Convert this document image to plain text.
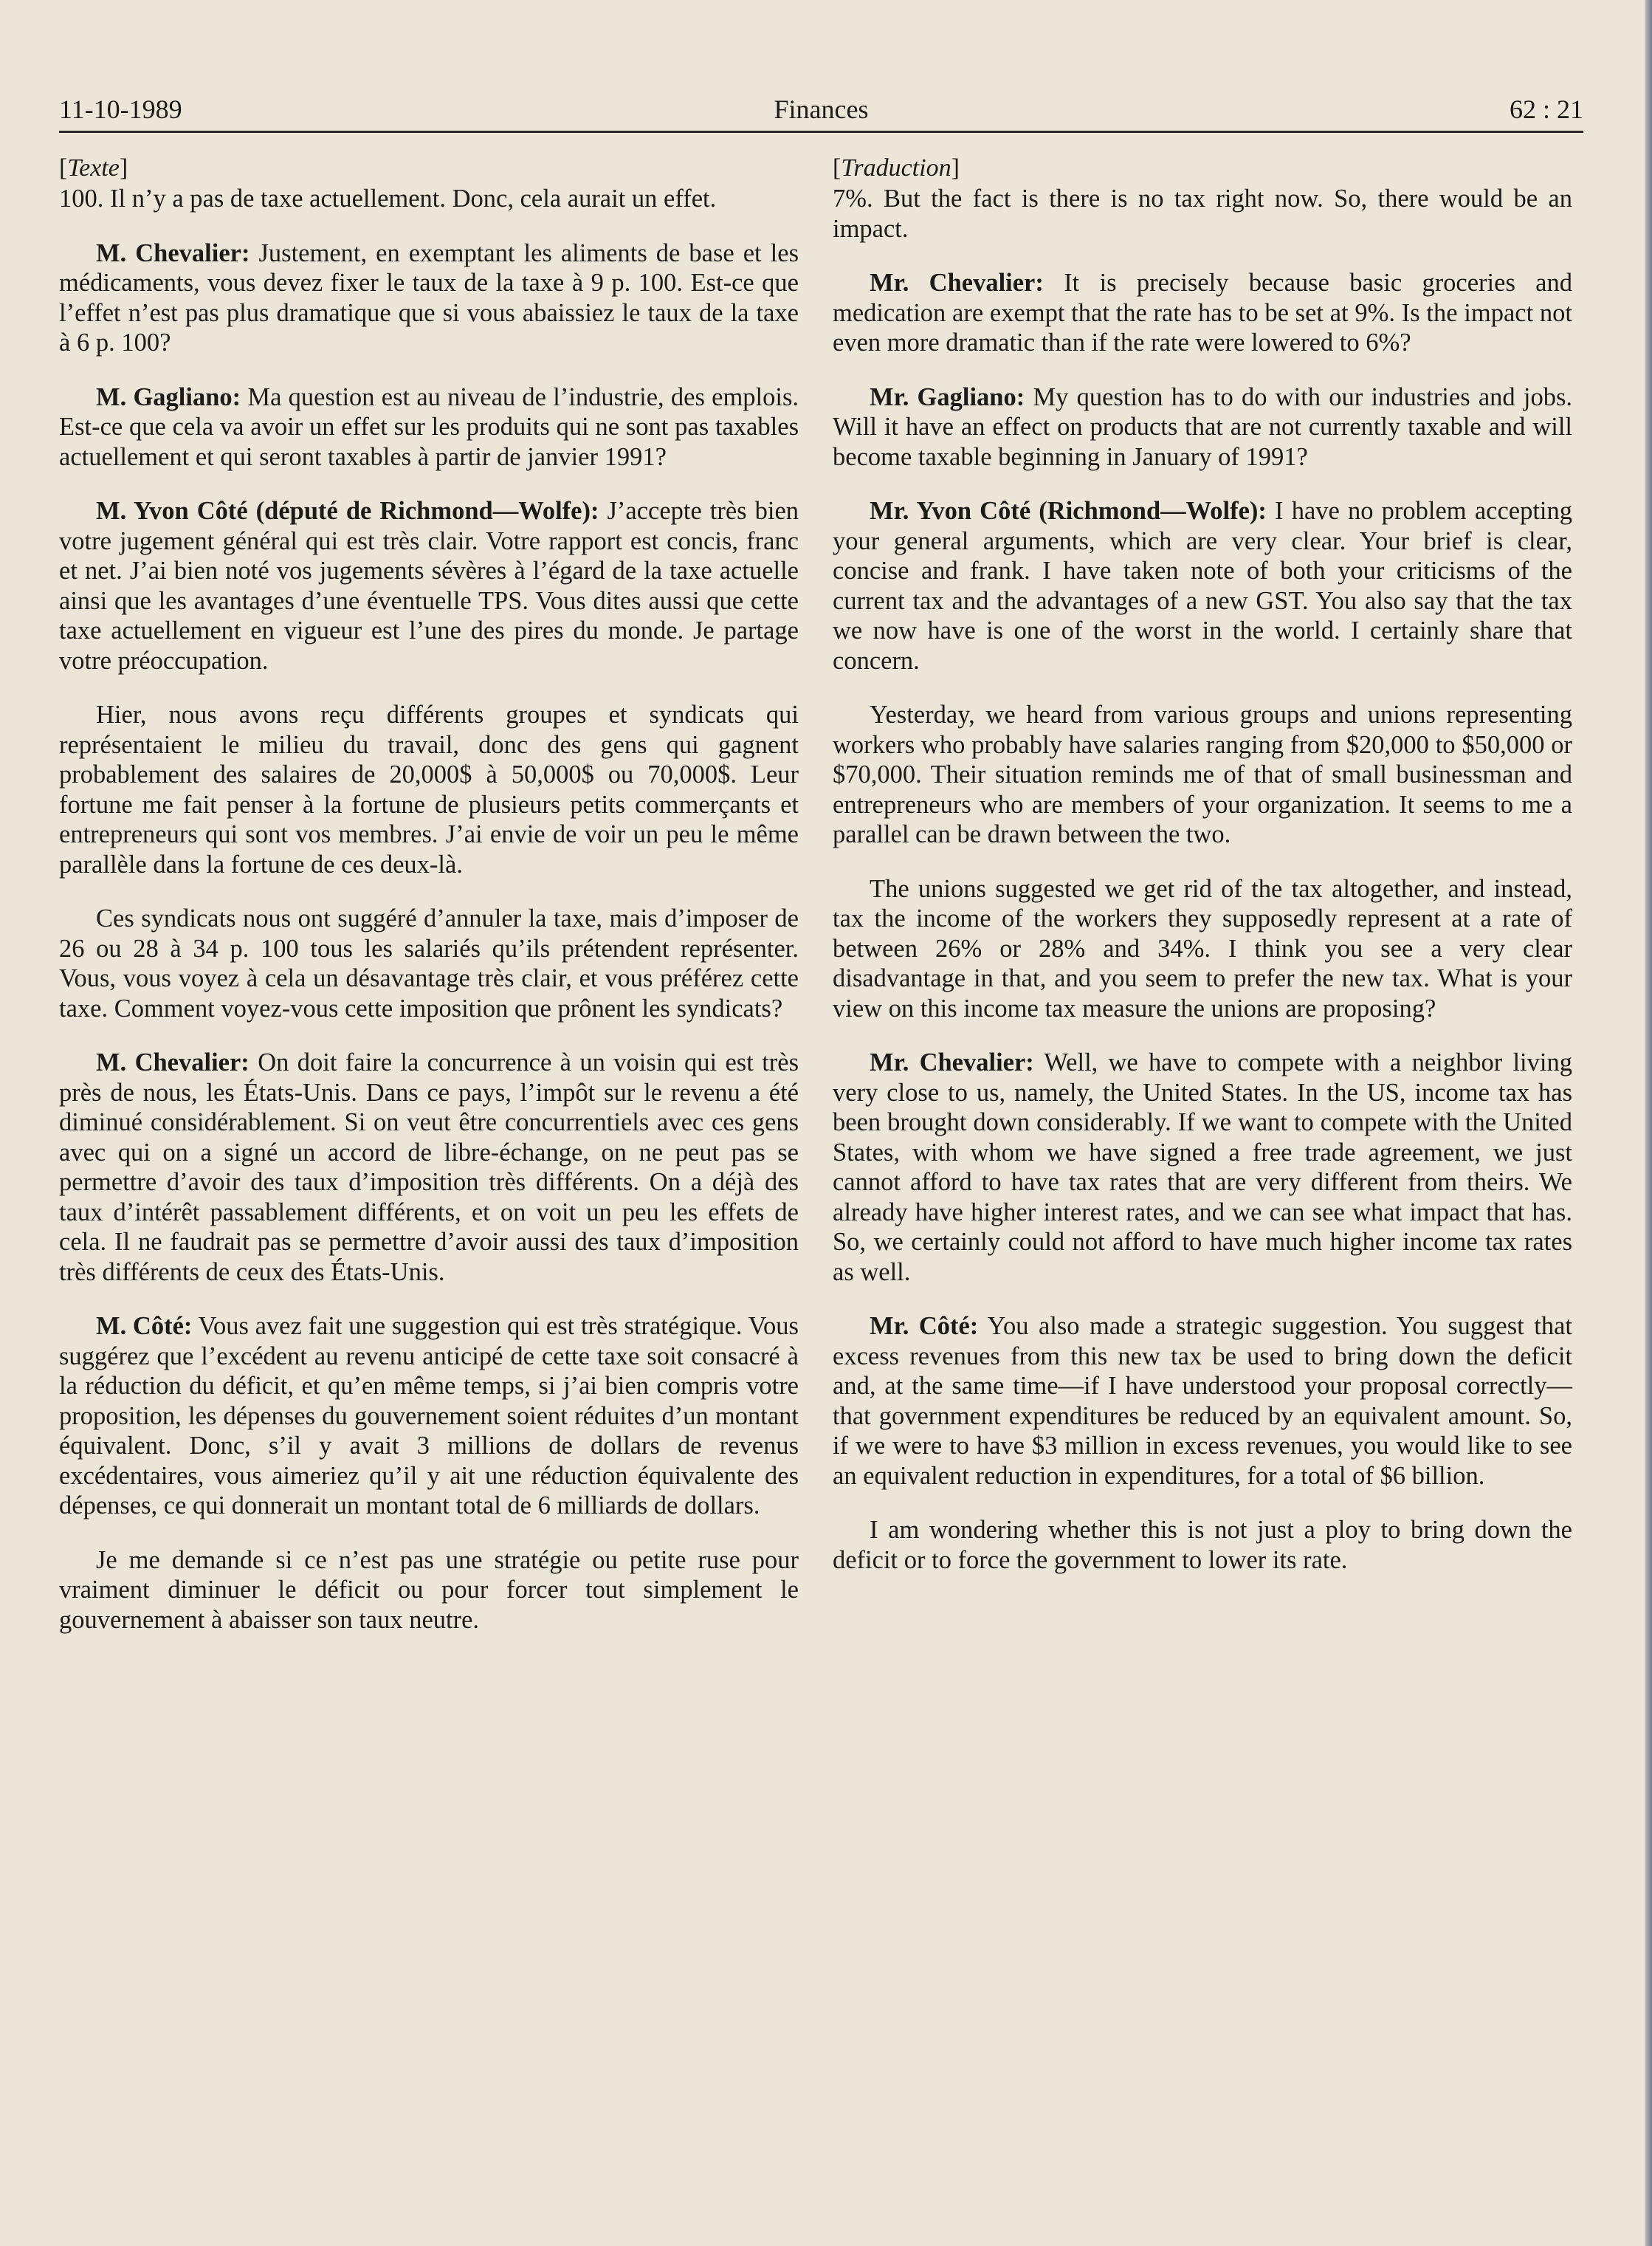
11-10-1989	Finances	62 : 21
[Texte]

100. Il n’y a pas de taxe actuellement. Donc, cela aurait un effet.

M. Chevalier: Justement, en exemptant les aliments de base et les médicaments, vous devez fixer le taux de la taxe à 9 p. 100. Est-ce que l’effet n’est pas plus dramatique que si vous abaissiez le taux de la taxe à 6 p. 100?

M. Gagliano: Ma question est au niveau de l’industrie, des emplois. Est-ce que cela va avoir un effet sur les produits qui ne sont pas taxables actuellement et qui seront taxables à partir de janvier 1991?

M. Yvon Côté (député de Richmond—Wolfe): J’accepte très bien votre jugement général qui est très clair. Votre rapport est concis, franc et net. J’ai bien noté vos jugements sévères à l’égard de la taxe actuelle ainsi que les avantages d’une éventuelle TPS. Vous dites aussi que cette taxe actuellement en vigueur est l’une des pires du monde. Je partage votre préoccupation.

Hier, nous avons reçu différents groupes et syndicats qui représentaient le milieu du travail, donc des gens qui gagnent probablement des salaires de 20,000$ à 50,000$ ou 70,000$. Leur fortune me fait penser à la fortune de plusieurs petits commerçants et entrepreneurs qui sont vos membres. J’ai envie de voir un peu le même parallèle dans la fortune de ces deux-là.

Ces syndicats nous ont suggéré d’annuler la taxe, mais d’imposer de 26 ou 28 à 34 p. 100 tous les salariés qu’ils prétendent représenter. Vous, vous voyez à cela un désavantage très clair, et vous préférez cette taxe. Comment voyez-vous cette imposition que prônent les syndicats?

M. Chevalier: On doit faire la concurrence à un voisin qui est très près de nous, les États-Unis. Dans ce pays, l’impôt sur le revenu a été diminué considérablement. Si on veut être concurrentiels avec ces gens avec qui on a signé un accord de libre-échange, on ne peut pas se permettre d’avoir des taux d’imposition très différents. On a déjà des taux d’intérêt passablement différents, et on voit un peu les effets de cela. Il ne faudrait pas se permettre d’avoir aussi des taux d’imposition très différents de ceux des États-Unis.

M. Côté: Vous avez fait une suggestion qui est très stratégique. Vous suggérez que l’excédent au revenu anticipé de cette taxe soit consacré à la réduction du déficit, et qu’en même temps, si j’ai bien compris votre proposition, les dépenses du gouvernement soient réduites d’un montant équivalent. Donc, s’il y avait 3 millions de dollars de revenus excédentaires, vous aimeriez qu’il y ait une réduction équivalente des dépenses, ce qui donnerait un montant total de 6 milliards de dollars.

Je me demande si ce n’est pas une stratégie ou petite ruse pour vraiment diminuer le déficit ou pour forcer tout simplement le gouvernement à abaisser son taux neutre.

[Traduction]

7%. But the fact is there is no tax right now. So, there would be an impact.

Mr. Chevalier: It is precisely because basic groceries and medication are exempt that the rate has to be set at 9%. Is the impact not even more dramatic than if the rate were lowered to 6%?

Mr. Gagliano: My question has to do with our industries and jobs. Will it have an effect on products that are not currently taxable and will become taxable beginning in January of 1991?

Mr. Yvon Côté (Richmond—Wolfe): I have no problem accepting your general arguments, which are very clear. Your brief is clear, concise and frank. I have taken note of both your criticisms of the current tax and the advantages of a new GST. You also say that the tax we now have is one of the worst in the world. I certainly share that concern.

Yesterday, we heard from various groups and unions representing workers who probably have salaries ranging from $20,000 to $50,000 or $70,000. Their situation reminds me of that of small businessman and entrepreneurs who are members of your organization. It seems to me a parallel can be drawn between the two.

The unions suggested we get rid of the tax altogether, and instead, tax the income of the workers they supposedly represent at a rate of between 26% or 28% and 34%. I think you see a very clear disadvantage in that, and you seem to prefer the new tax. What is your view on this income tax measure the unions are proposing?

Mr. Chevalier: Well, we have to compete with a neighbor living very close to us, namely, the United States. In the US, income tax has been brought down considerably. If we want to compete with the United States, with whom we have signed a free trade agreement, we just cannot afford to have tax rates that are very different from theirs. We already have higher interest rates, and we can see what impact that has. So, we certainly could not afford to have much higher income tax rates as well.

Mr. Côté: You also made a strategic suggestion. You suggest that excess revenues from this new tax be used to bring down the deficit and, at the same time—if I have understood your proposal correctly—that government expenditures be reduced by an equivalent amount. So, if we were to have $3 million in excess revenues, you would like to see an equivalent reduction in expenditures, for a total of $6 billion.

I am wondering whether this is not just a ploy to bring down the deficit or to force the government to lower its rate.
